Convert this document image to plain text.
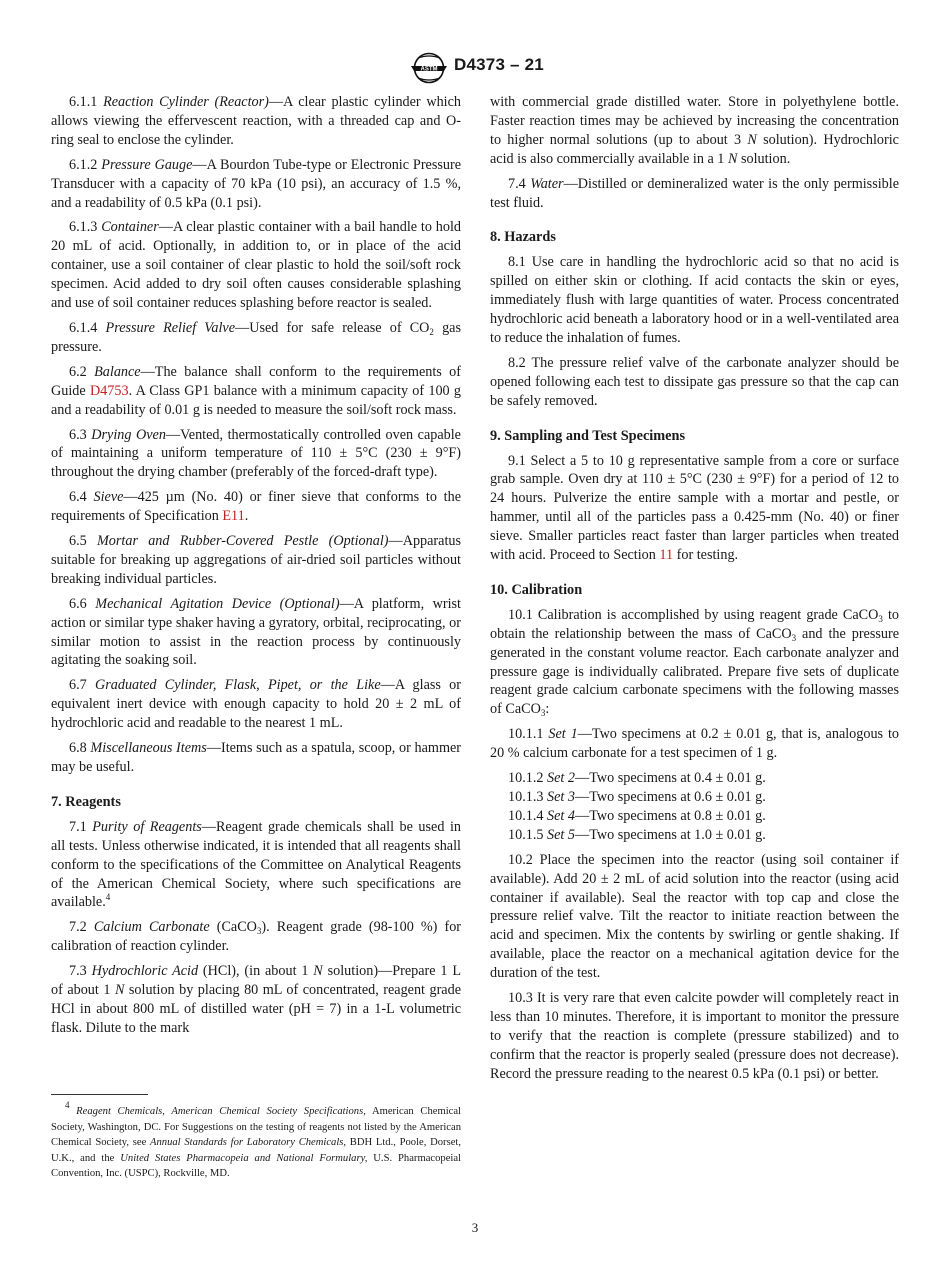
ASTM D4373 – 21

6.1.1 Reaction Cylinder (Reactor)—A clear plastic cylinder which allows viewing the effervescent reaction, with a threaded cap and O-ring seal to enclose the cylinder.

6.1.2 Pressure Gauge—A Bourdon Tube-type or Electronic Pressure Transducer with a capacity of 70 kPa (10 psi), an accuracy of 1.5 %, and a readability of 0.5 kPa (0.1 psi).

6.1.3 Container—A clear plastic container with a bail handle to hold 20 mL of acid. Optionally, in addition to, or in place of the acid container, use a soil container of clear plastic to hold the soil/soft rock specimen. Acid added to dry soil often causes considerable splashing and use of soil container reduces splashing before reactor is sealed.

6.1.4 Pressure Relief Valve—Used for safe release of $CO_2$ gas pressure.

6.2 Balance—The balance shall conform to the requirements of Guide D4753. A Class GP1 balance with a minimum capacity of 100 g and a readability of 0.01 g is needed to measure the soil/soft rock mass.

6.3 Drying Oven—Vented, thermostatically controlled oven capable of maintaining a uniform temperature of 110 ± 5°C (230 ± 9°F) throughout the drying chamber (preferably of the forced-draft type).

6.4 Sieve—425 µm (No. 40) or finer sieve that conforms to the requirements of Specification E11.

6.5 Mortar and Rubber-Covered Pestle (Optional)—Apparatus suitable for breaking up aggregations of air-dried soil particles without breaking individual particles.

6.6 Mechanical Agitation Device (Optional)—A platform, wrist action or similar type shaker having a gyratory, orbital, reciprocating, or similar motion to assist in the reaction process by continuously agitating the soaking soil.

6.7 Graduated Cylinder, Flask, Pipet, or the Like—A glass or equivalent inert device with enough capacity to hold 20 ± 2 mL of hydrochloric acid and readable to the nearest 1 mL.

6.8 Miscellaneous Items—Items such as a spatula, scoop, or hammer may be useful.

7. Reagents

7.1 Purity of Reagents—Reagent grade chemicals shall be used in all tests. Unless otherwise indicated, it is intended that all reagents shall conform to the specifications of the Committee on Analytical Reagents of the American Chemical Society, where such specifications are available.$^4$

7.2 Calcium Carbonate (CaCO$_3$). Reagent grade (98-100 %) for calibration of reaction cylinder.

7.3 Hydrochloric Acid (HCl), (in about 1 N solution)—Prepare 1 L of about 1 N solution by placing 80 mL of concentrated, reagent grade HCl in about 800 mL of distilled water (pH = 7) in a 1-L volumetric flask. Dilute to the mark

$^4$ Reagent Chemicals, American Chemical Society Specifications, American Chemical Society, Washington, DC. For Suggestions on the testing of reagents not listed by the American Chemical Society, see Annual Standards for Laboratory Chemicals, BDH Ltd., Poole, Dorset, U.K., and the United States Pharmacopeia and National Formulary, U.S. Pharmacopeial Convention, Inc. (USPC), Rockville, MD.

with commercial grade distilled water. Store in polyethylene bottle. Faster reaction times may be achieved by increasing the concentration to higher normal solutions (up to about 3 N solution). Hydrochloric acid is also commercially available in a 1 N solution.

7.4 Water—Distilled or demineralized water is the only permissible test fluid.

8. Hazards

8.1 Use care in handling the hydrochloric acid so that no acid is spilled on either skin or clothing. If acid contacts the skin or eyes, immediately flush with large quantities of water. Process concentrated hydrochloric acid beneath a laboratory hood or in a well-ventilated area to reduce the inhalation of fumes.

8.2 The pressure relief valve of the carbonate analyzer should be opened following each test to dissipate gas pressure so that the cap can be safely removed.

9. Sampling and Test Specimens

9.1 Select a 5 to 10 g representative sample from a core or surface grab sample. Oven dry at 110 ± 5°C (230 ± 9°F) for a period of 12 to 24 hours. Pulverize the entire sample with a mortar and pestle, or hammer, until all of the particles pass a 0.425-mm (No. 40) or finer sieve. Smaller particles react faster than larger particles when treated with acid. Proceed to Section 11 for testing.

10. Calibration

10.1 Calibration is accomplished by using reagent grade CaCO$_3$ to obtain the relationship between the mass of CaCO$_3$ and the pressure generated in the constant volume reactor. Each carbonate analyzer and pressure gage is individually calibrated. Prepare five sets of duplicate reagent grade calcium carbonate specimens with the following masses of CaCO$_3$:

10.1.1 Set 1—Two specimens at 0.2 ± 0.01 g, that is, analogous to 20 % calcium carbonate for a test specimen of 1 g.

10.1.2 Set 2—Two specimens at 0.4 ± 0.01 g.

10.1.3 Set 3—Two specimens at 0.6 ± 0.01 g.

10.1.4 Set 4—Two specimens at 0.8 ± 0.01 g.

10.1.5 Set 5—Two specimens at 1.0 ± 0.01 g.

10.2 Place the specimen into the reactor (using soil container if available). Add 20 ± 2 mL of acid solution into the reactor (using acid container if available). Seal the reactor with top cap and close the pressure relief valve. Tilt the reactor to initiate reaction between the acid and specimen. Mix the contents by swirling or gentle shaking. If available, place the reactor on a mechanical agitation device for the duration of the test.

10.3 It is very rare that even calcite powder will completely react in less than 10 minutes. Therefore, it is important to monitor the pressure to verify that the reaction is complete (pressure stabilized) and to confirm that the reactor is properly sealed (pressure does not decrease). Record the pressure reading to the nearest 0.5 kPa (0.1 psi) or better.

3
